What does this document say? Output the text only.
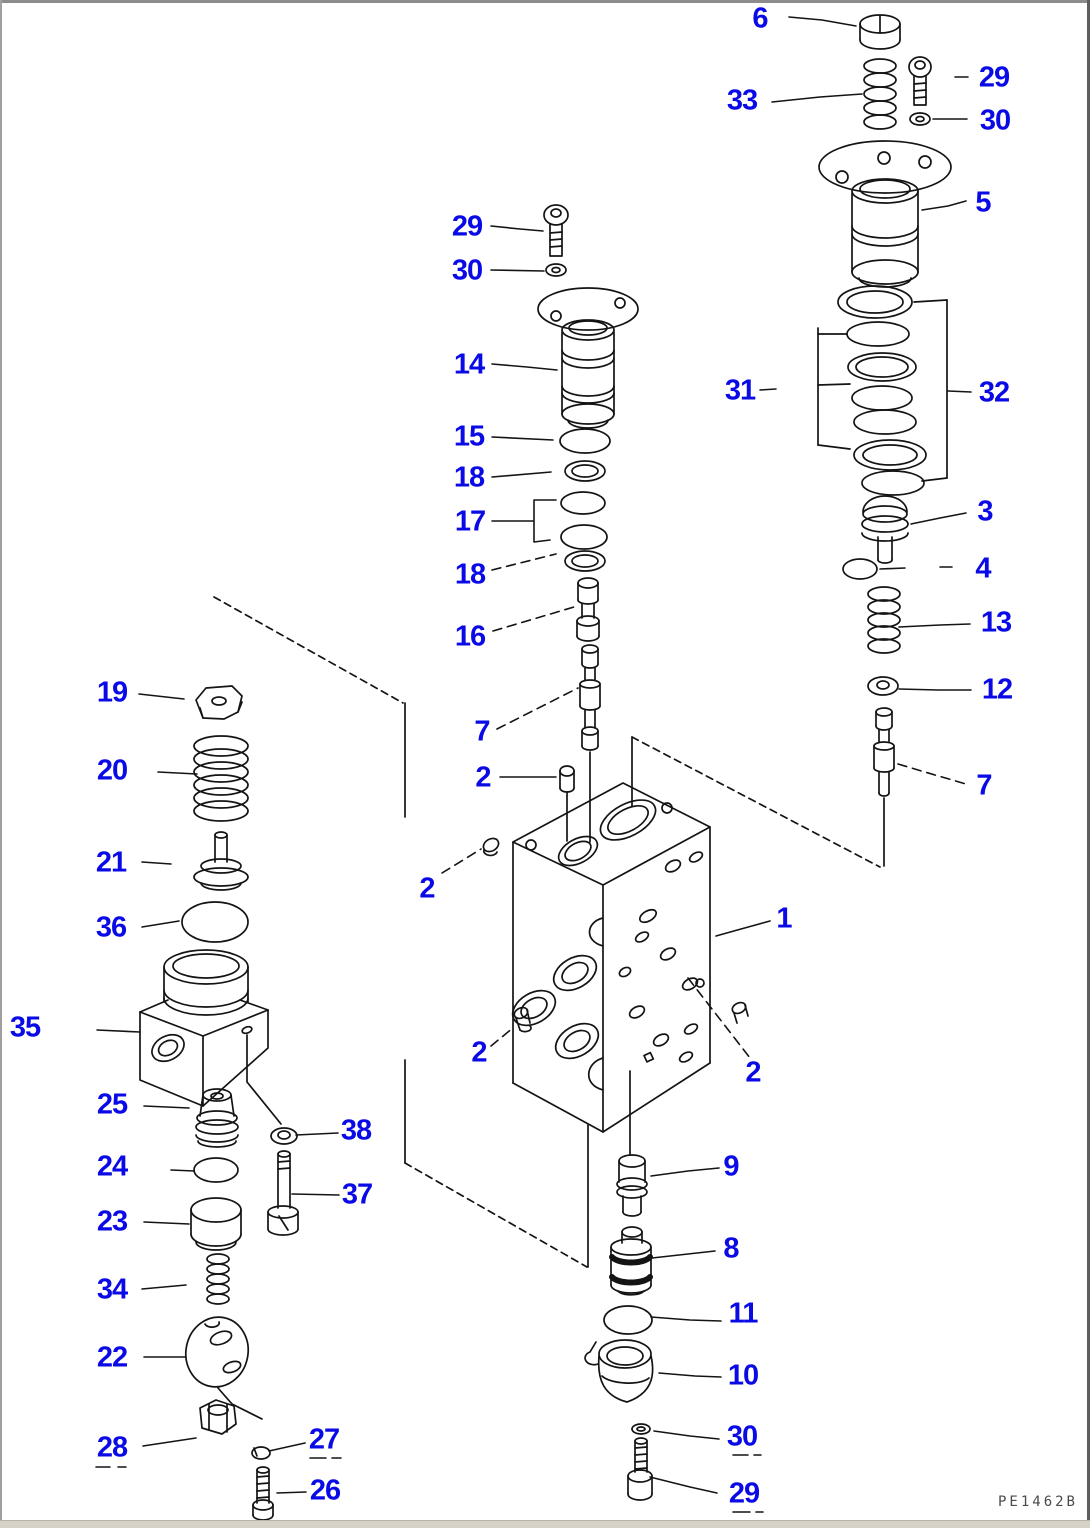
6
33
29
30
5
31	32
3
4
13
12
7
29
30
14
15
18
17
18
16
7
2
2
1
2
2
9
8
11
10
30
29
19
20
21
36
35
25
24
23
34
22
28	27
26
38
37
PE1462B
